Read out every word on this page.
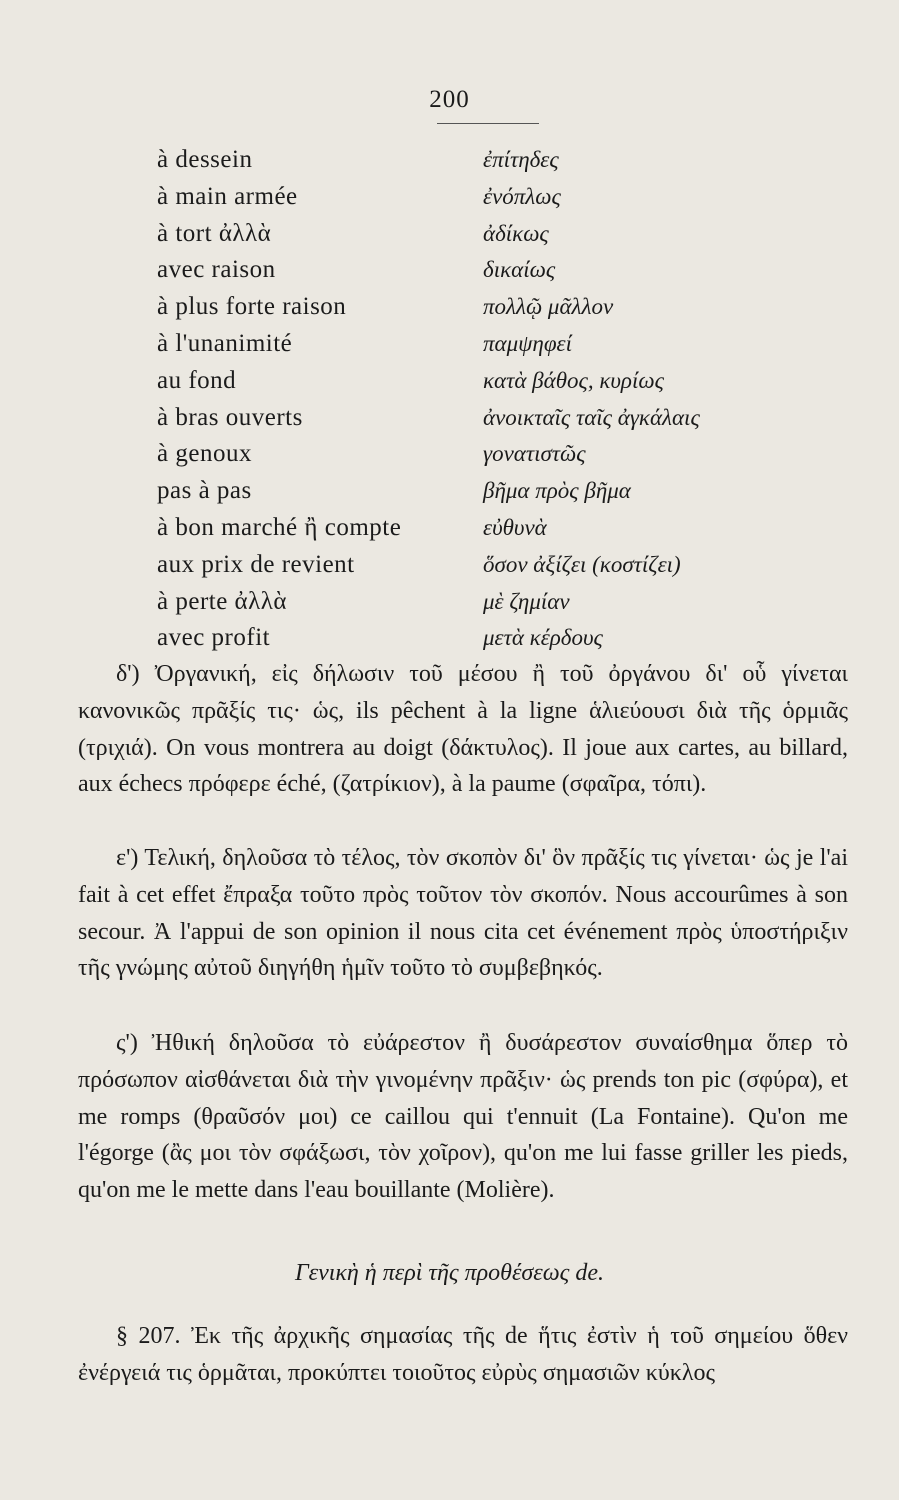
200
à dessein	ἐπίτηδες
à main armée	ἐνόπλως
à tort ἀλλὰ	ἀδίκως
avec raison	δικαίως
à plus forte raison	πολλῷ μᾶλλον
à l'unanimité	παμψηφεί
au fond	κατὰ βάθος, κυρίως
à bras ouverts	ἀνοικταῖς ταῖς ἀγκάλαις
à genoux	γονατιστῶς
pas à pas	βῆμα πρὸς βῆμα
à bon marché ἢ compte	εὐθυνὰ
aux prix de revient	ὅσον ἀξίζει (κοστίζει)
à perte ἀλλὰ	μὲ ζημίαν
avec profit	μετὰ κέρδους

δ') Ὀργανική, εἰς δήλωσιν τοῦ μέσου ἢ τοῦ ὀργάνου δι' οὗ γίνεται κανονικῶς πρᾶξίς τις· ὡς, ils pêchent à la ligne ἁλιεύουσι διὰ τῆς ὁρμιᾶς (τριχιά). On vous montrera au doigt (δάκτυλος). Il joue aux cartes, au billard, aux échecs πρόφερε éché, (ζατρίκιον), à la paume (σφαῖρα, τόπι).

ε') Τελική, δηλοῦσα τὸ τέλος, τὸν σκοπὸν δι' ὃν πρᾶξίς τις γίνεται· ὡς je l'ai fait à cet effet ἔπραξα τοῦτο πρὸς τοῦτον τὸν σκοπόν. Nous accourûmes à son secour. Ἀ l'appui de son opinion il nous cita cet événement πρὸς ὑποστήριξιν τῆς γνώμης αὐτοῦ διηγήθη ἡμῖν τοῦτο τὸ συμβεβηκός.

ς') Ἠθική δηλοῦσα τὸ εὐάρεστον ἢ δυσάρεστον συναίσθημα ὅπερ τὸ πρόσωπον αἰσθάνεται διὰ τὴν γινομένην πρᾶξιν· ὡς prends ton pic (σφύρα), et me romps (θραῦσόν μοι) ce caillou qui t'ennuit (La Fontaine). Qu'on me l'égorge (ἂς μοι τὸν σφάξωσι, τὸν χοῖρον), qu'on me lui fasse griller les pieds, qu'on me le mette dans l'eau bouillante (Molière).

Γενικὴ ἡ περὶ τῆς προθέσεως de.

§ 207. Ἐκ τῆς ἀρχικῆς σημασίας τῆς de ἥτις ἐστὶν ἡ τοῦ σημείου ὅθεν ἐνέργειά τις ὁρμᾶται, προκύπτει τοιοῦτος εὐρὺς σημασιῶν κύκλος
